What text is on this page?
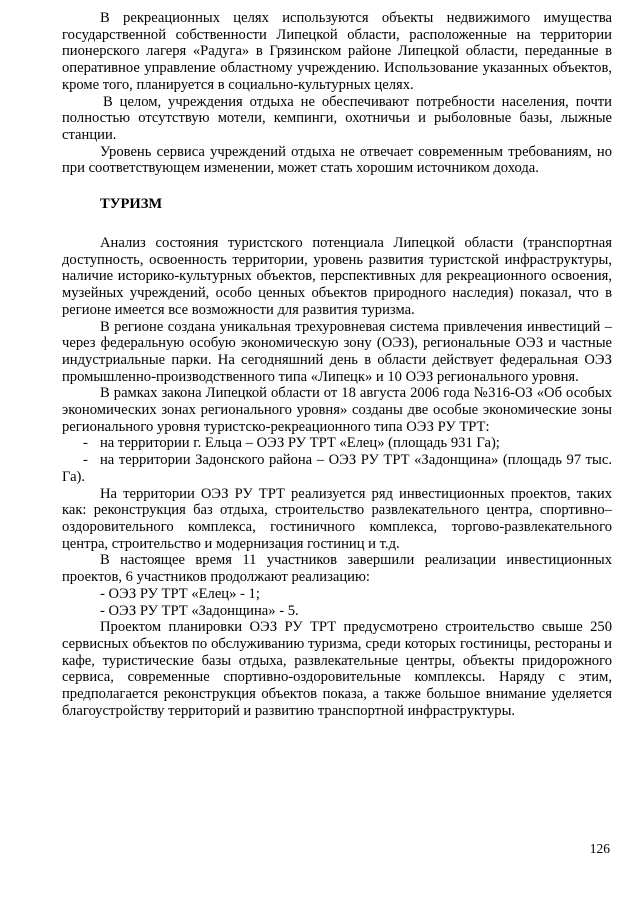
В рекреационных целях используются объекты недвижимого имущества государственной собственности Липецкой области, расположенные на территории пионерского лагеря «Радуга» в Грязинском районе Липецкой области, переданные в оперативное управление областному учреждению. Использование указанных объектов, кроме того, планируется в социально-культурных целях.

В целом, учреждения отдыха не обеспечивают потребности населения, почти полностью отсутствую мотели, кемпинги, охотничьи и рыболовные базы, лыжные станции.

Уровень сервиса учреждений отдыха не отвечает современным требованиям, но при соответствующем изменении, может стать хорошим источником дохода.

ТУРИЗМ

Анализ состояния туристского потенциала Липецкой области (транспортная доступность, освоенность территории, уровень развития туристской инфраструктуры, наличие историко-культурных объектов, перспективных для рекреационного освоения, музейных учреждений, особо ценных объектов природного наследия) показал, что в регионе имеется все возможности для развития туризма.

В регионе создана уникальная трехуровневая система привлечения инвестиций – через федеральную особую экономическую зону (ОЭЗ), региональные ОЭЗ и частные индустриальные парки. На сегодняшний день в области действует федеральная ОЭЗ промышленно-производственного типа «Липецк» и 10 ОЭЗ регионального уровня.

В рамках закона Липецкой области от 18 августа 2006 года №316-ОЗ «Об особых экономических зонах регионального уровня» созданы две особые экономические зоны регионального уровня туристско-рекреационного типа ОЭЗ РУ ТРТ:

- на территории г. Ельца – ОЭЗ РУ ТРТ «Елец» (площадь 931 Га);

- на территории Задонского района – ОЭЗ РУ ТРТ «Задонщина» (площадь 97 тыс. Га).

На территории ОЭЗ РУ ТРТ реализуется ряд инвестиционных проектов, таких как: реконструкция баз отдыха, строительство развлекательного центра, спортивно–оздоровительного комплекса, гостиничного комплекса, торгово-развлекательного центра, строительство и модернизация гостиниц и т.д.

В настоящее время 11 участников завершили реализации инвестиционных проектов, 6 участников продолжают реализацию:

- ОЭЗ РУ ТРТ «Елец» - 1;

- ОЭЗ РУ ТРТ «Задонщина» - 5.

Проектом планировки ОЭЗ РУ ТРТ предусмотрено строительство свыше 250 сервисных объектов по обслуживанию туризма, среди которых гостиницы, рестораны и кафе, туристические базы отдыха, развлекательные центры, объекты придорожного сервиса, современные спортивно-оздоровительные комплексы. Наряду с этим, предполагается реконструкция объектов показа, а также большое внимание уделяется благоустройству территорий и развитию транспортной инфраструктуры.

126
